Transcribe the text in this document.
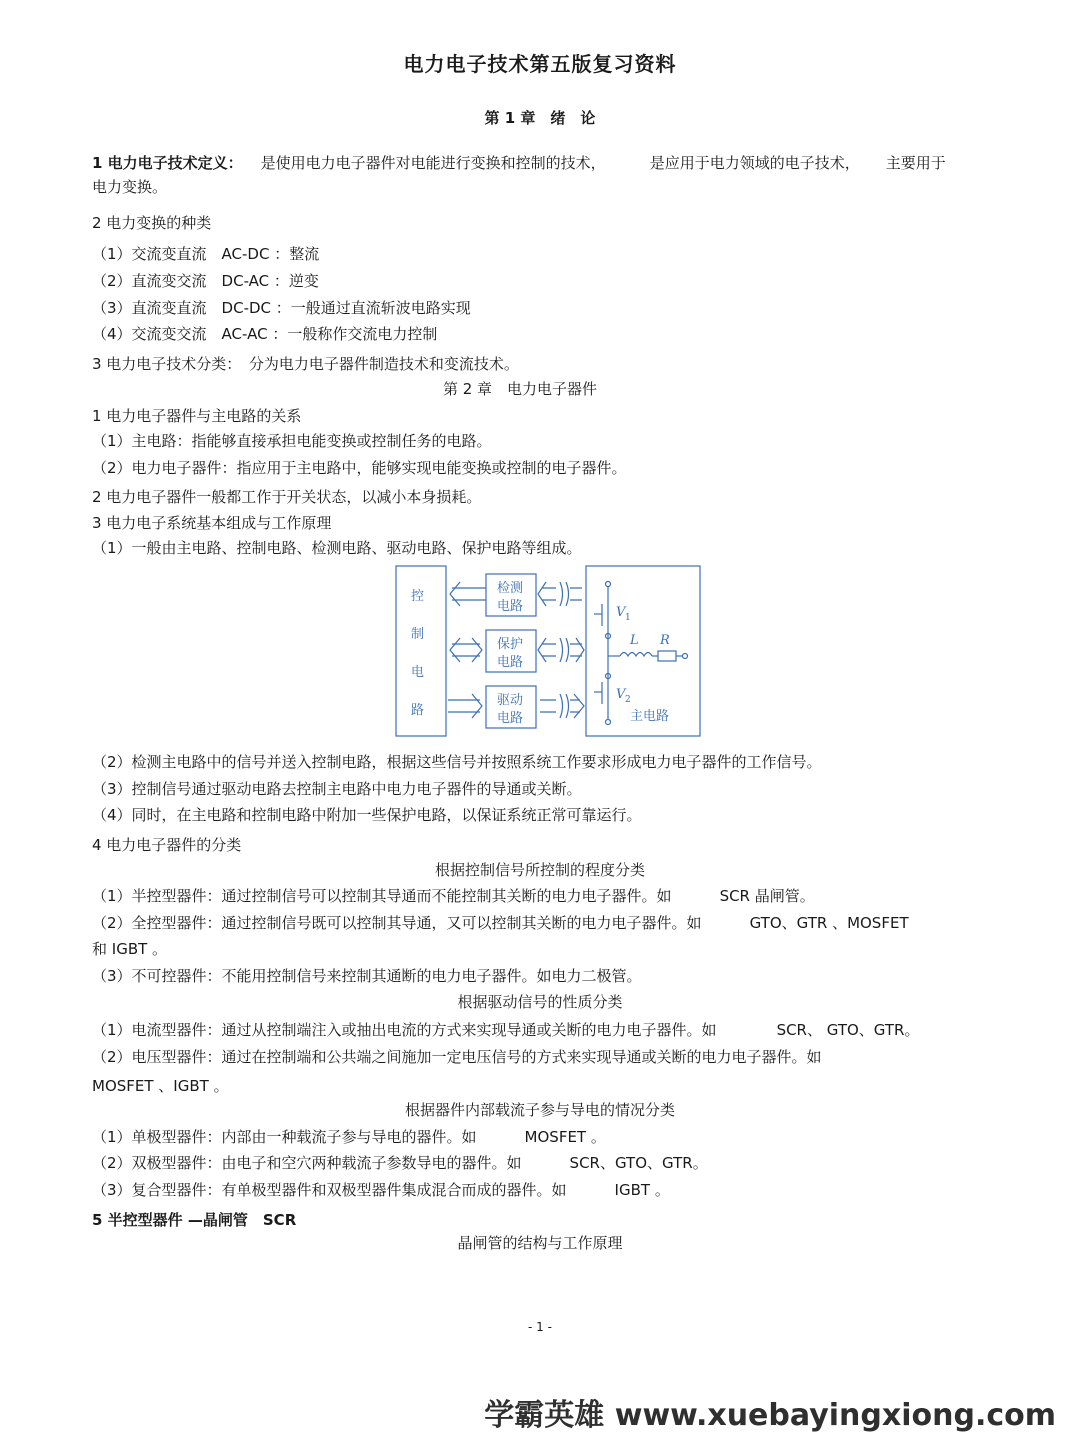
电力电子技术第五版复习资料
第 1 章　绪　论
1 电力电子技术定义： 是使用电力电子器件对电能进行变换和控制的技术，	是应用于电力领域的电子技术， 主要用于
电力变换。
2 电力变换的种类
（1）交流变直流　AC-DC ：整流
（2）直流变交流　DC-AC ：逆变
（3）直流变直流　DC-DC ：一般通过直流斩波电路实现
（4）交流变交流　AC-AC ：一般称作交流电力控制
3 电力电子技术分类：　分为电力电子器件制造技术和变流技术。
第 2 章　电力电子器件
1 电力电子器件与主电路的关系
（1）主电路：指能够直接承担电能变换或控制任务的电路。
（2）电力电子器件：指应用于主电路中，能够实现电能变换或控制的电子器件。
2 电力电子器件一般都工作于开关状态，以减小本身损耗。
3 电力电子系统基本组成与工作原理
（1）一般由主电路、控制电路、检测电路、驱动电路、保护电路等组成。
控
制
电
路
检测
电路
保护
电路
驱动
电路
V 1
L R
V 2
主电路
（2）检测主电路中的信号并送入控制电路，根据这些信号并按照系统工作要求形成电力电子器件的工作信号。
（3）控制信号通过驱动电路去控制主电路中电力电子器件的导通或关断。
（4）同时，在主电路和控制电路中附加一些保护电路，以保证系统正常可靠运行。
4 电力电子器件的分类
根据控制信号所控制的程度分类
（1）半控型器件：通过控制信号可以控制其导通而不能控制其关断的电力电子器件。如	SCR 晶闸管。
（2）全控型器件：通过控制信号既可以控制其导通，又可以控制其关断的电力电子器件。如	GTO、GTR 、MOSFET
和 IGBT 。
（3）不可控器件：不能用控制信号来控制其通断的电力电子器件。如电力二极管。
根据驱动信号的性质分类
（1）电流型器件：通过从控制端注入或抽出电流的方式来实现导通或关断的电力电子器件。如	SCR、 GTO、GTR。
（2）电压型器件：通过在控制端和公共端之间施加一定电压信号的方式来实现导通或关断的电力电子器件。如
MOSFET 、IGBT 。
根据器件内部载流子参与导电的情况分类
（1）单极型器件：内部由一种载流子参与导电的器件。如	MOSFET 。
（2）双极型器件：由电子和空穴两种载流子参数导电的器件。如	SCR、GTO、GTR。
（3）复合型器件：有单极型器件和双极型器件集成混合而成的器件。如	IGBT 。
5 半控型器件 —晶闸管　SCR
晶闸管的结构与工作原理
- 1 -
学霸英雄 www.xuebayingxiong.com
